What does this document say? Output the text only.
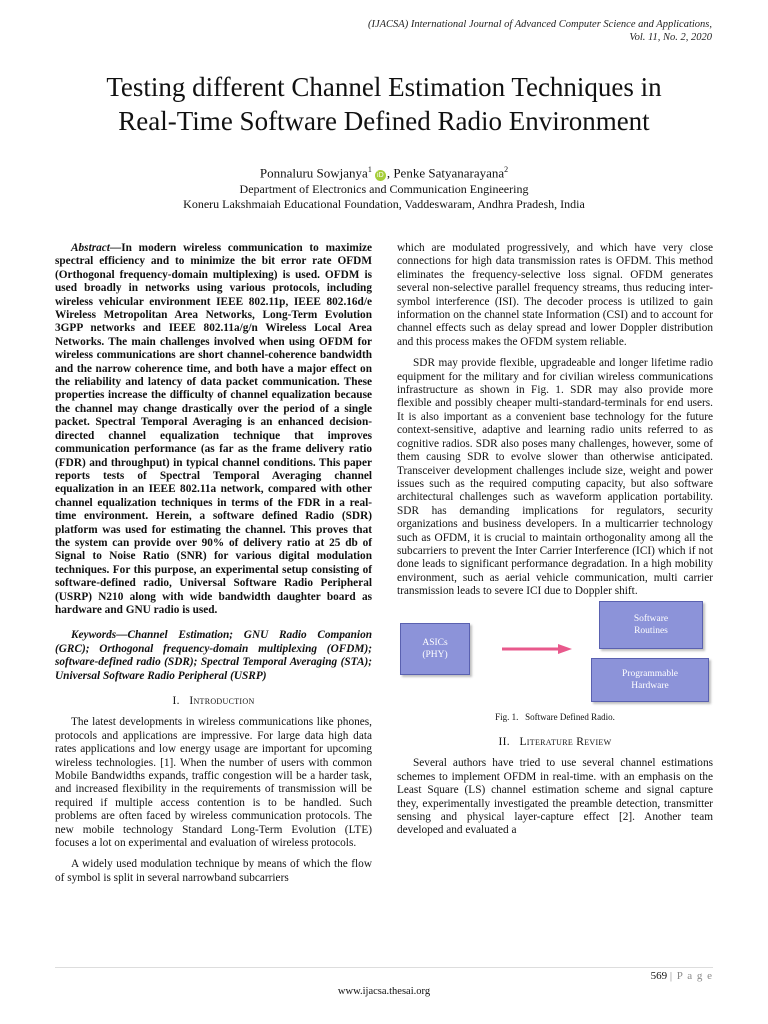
(IJACSA) International Journal of Advanced Computer Science and Applications,
Vol. 11, No. 2, 2020
Testing different Channel Estimation Techniques in
Real-Time Software Defined Radio Environment
Ponnaluru Sowjanya$^1$iD , Penke Satyanarayana$^2$
Department of Electronics and Communication Engineering
Koneru Lakshmaiah Educational Foundation, Vaddeswaram, Andhra Pradesh, India

Abstract—In modern wireless communication to maximize spectral efficiency and to minimize the bit error rate OFDM (Orthogonal frequency-domain multiplexing) is used. OFDM is used broadly in networks using various protocols, including wireless vehicular environment IEEE 802.11p, IEEE 802.16d/e Wireless Metropolitan Area Networks, Long-Term Evolution 3GPP networks and IEEE 802.11a/g/n Wireless Local Area Networks. The main challenges involved when using OFDM for wireless communications are short channel-coherence bandwidth and the narrow coherence time, and both have a major effect on the reliability and latency of data packet communication. These properties increase the difficulty of channel equalization because the channel may change drastically over the period of a single packet. Spectral Temporal Averaging is an enhanced decision-directed channel equalization technique that improves communication performance (as far as the frame delivery ratio (FDR) and throughput) in typical channel conditions. This paper reports tests of Spectral Temporal Averaging channel equalization in an IEEE 802.11a network, compared with other channel equalization techniques in terms of the FDR in a real-time environment. Herein, a software defined Radio (SDR) platform was used for estimating the channel. This proves that the system can provide over 90% of delivery ratio at 25 db of Signal to Noise Ratio (SNR) for various digital modulation techniques. For this purpose, an experimental setup consisting of software-defined radio, Universal Software Radio Peripheral (USRP) N210 along with wide bandwidth daughter board as hardware and GNU radio is used.

Keywords—Channel Estimation; GNU Radio Companion (GRC); Orthogonal frequency-domain multiplexing (OFDM); software-defined radio (SDR); Spectral Temporal Averaging (STA); Universal Software Radio Peripheral (USRP)

I. Introduction

The latest developments in wireless communications like phones, protocols and applications are impressive. For large data high data rates applications and low energy usage are important for upcoming wireless technologies. [1]. When the number of users with common Mobile Bandwidths expands, traffic congestion will be a harder task, and increased flexibility in the requirements of transmission will be required if multiple access contention is to be handled. Such problems are often faced by wireless communication protocols. The new mobile technology Standard Long-Term Evolution (LTE) focuses a lot on experimental and evaluation of wireless protocols.

A widely used modulation technique by means of which the flow of symbol is split in several narrowband subcarriers

which are modulated progressively, and which have very close connections for high data transmission rates is OFDM. This method eliminates the frequency-selective loss signal. OFDM generates several non-selective parallel frequency streams, thus reducing inter-symbol interference (ISI). The decoder process is utilized to gain information on the channel state Information (CSI) and to account for channel effects such as delay spread and lower Doppler distribution and this process makes the OFDM system reliable.

SDR may provide flexible, upgradeable and longer lifetime radio equipment for the military and for civilian wireless communications infrastructure as shown in Fig. 1. SDR may also provide more flexible and possibly cheaper multi-standard-terminals for end users. It is also important as a convenient base technology for the future context-sensitive, adaptive and learning radio units referred to as cognitive radios. SDR also poses many challenges, however, some of them causing SDR to evolve slower than otherwise anticipated. Transceiver development challenges include size, weight and power issues such as the required computing capacity, but also software architectural challenges such as waveform application portability. SDR has demanding implications for regulators, security organizations and business developers. In a multicarrier technology such as OFDM, it is crucial to maintain orthogonality among all the subcarriers to prevent the Inter Carrier Interference (ICI) which if not done leads to significant performance degradation. In a high mobility environment, such as aerial vehicle communication, multi carrier transmission leads to severe ICI due to Doppler shift.

ASICs
(PHY)
Software
Routines
Programmable
Hardware
Fig. 1. Software Defined Radio.
II. Literature Review

Several authors have tried to use several channel estimations schemes to implement OFDM in real-time. with an emphasis on the Least Square (LS) channel estimation scheme and signal capture they, experimentally investigated the preamble detection, transmitter sensing and physical layer-capture effect [2]. Another team developed and evaluated a

569 | P a g e
www.ijacsa.thesai.org
